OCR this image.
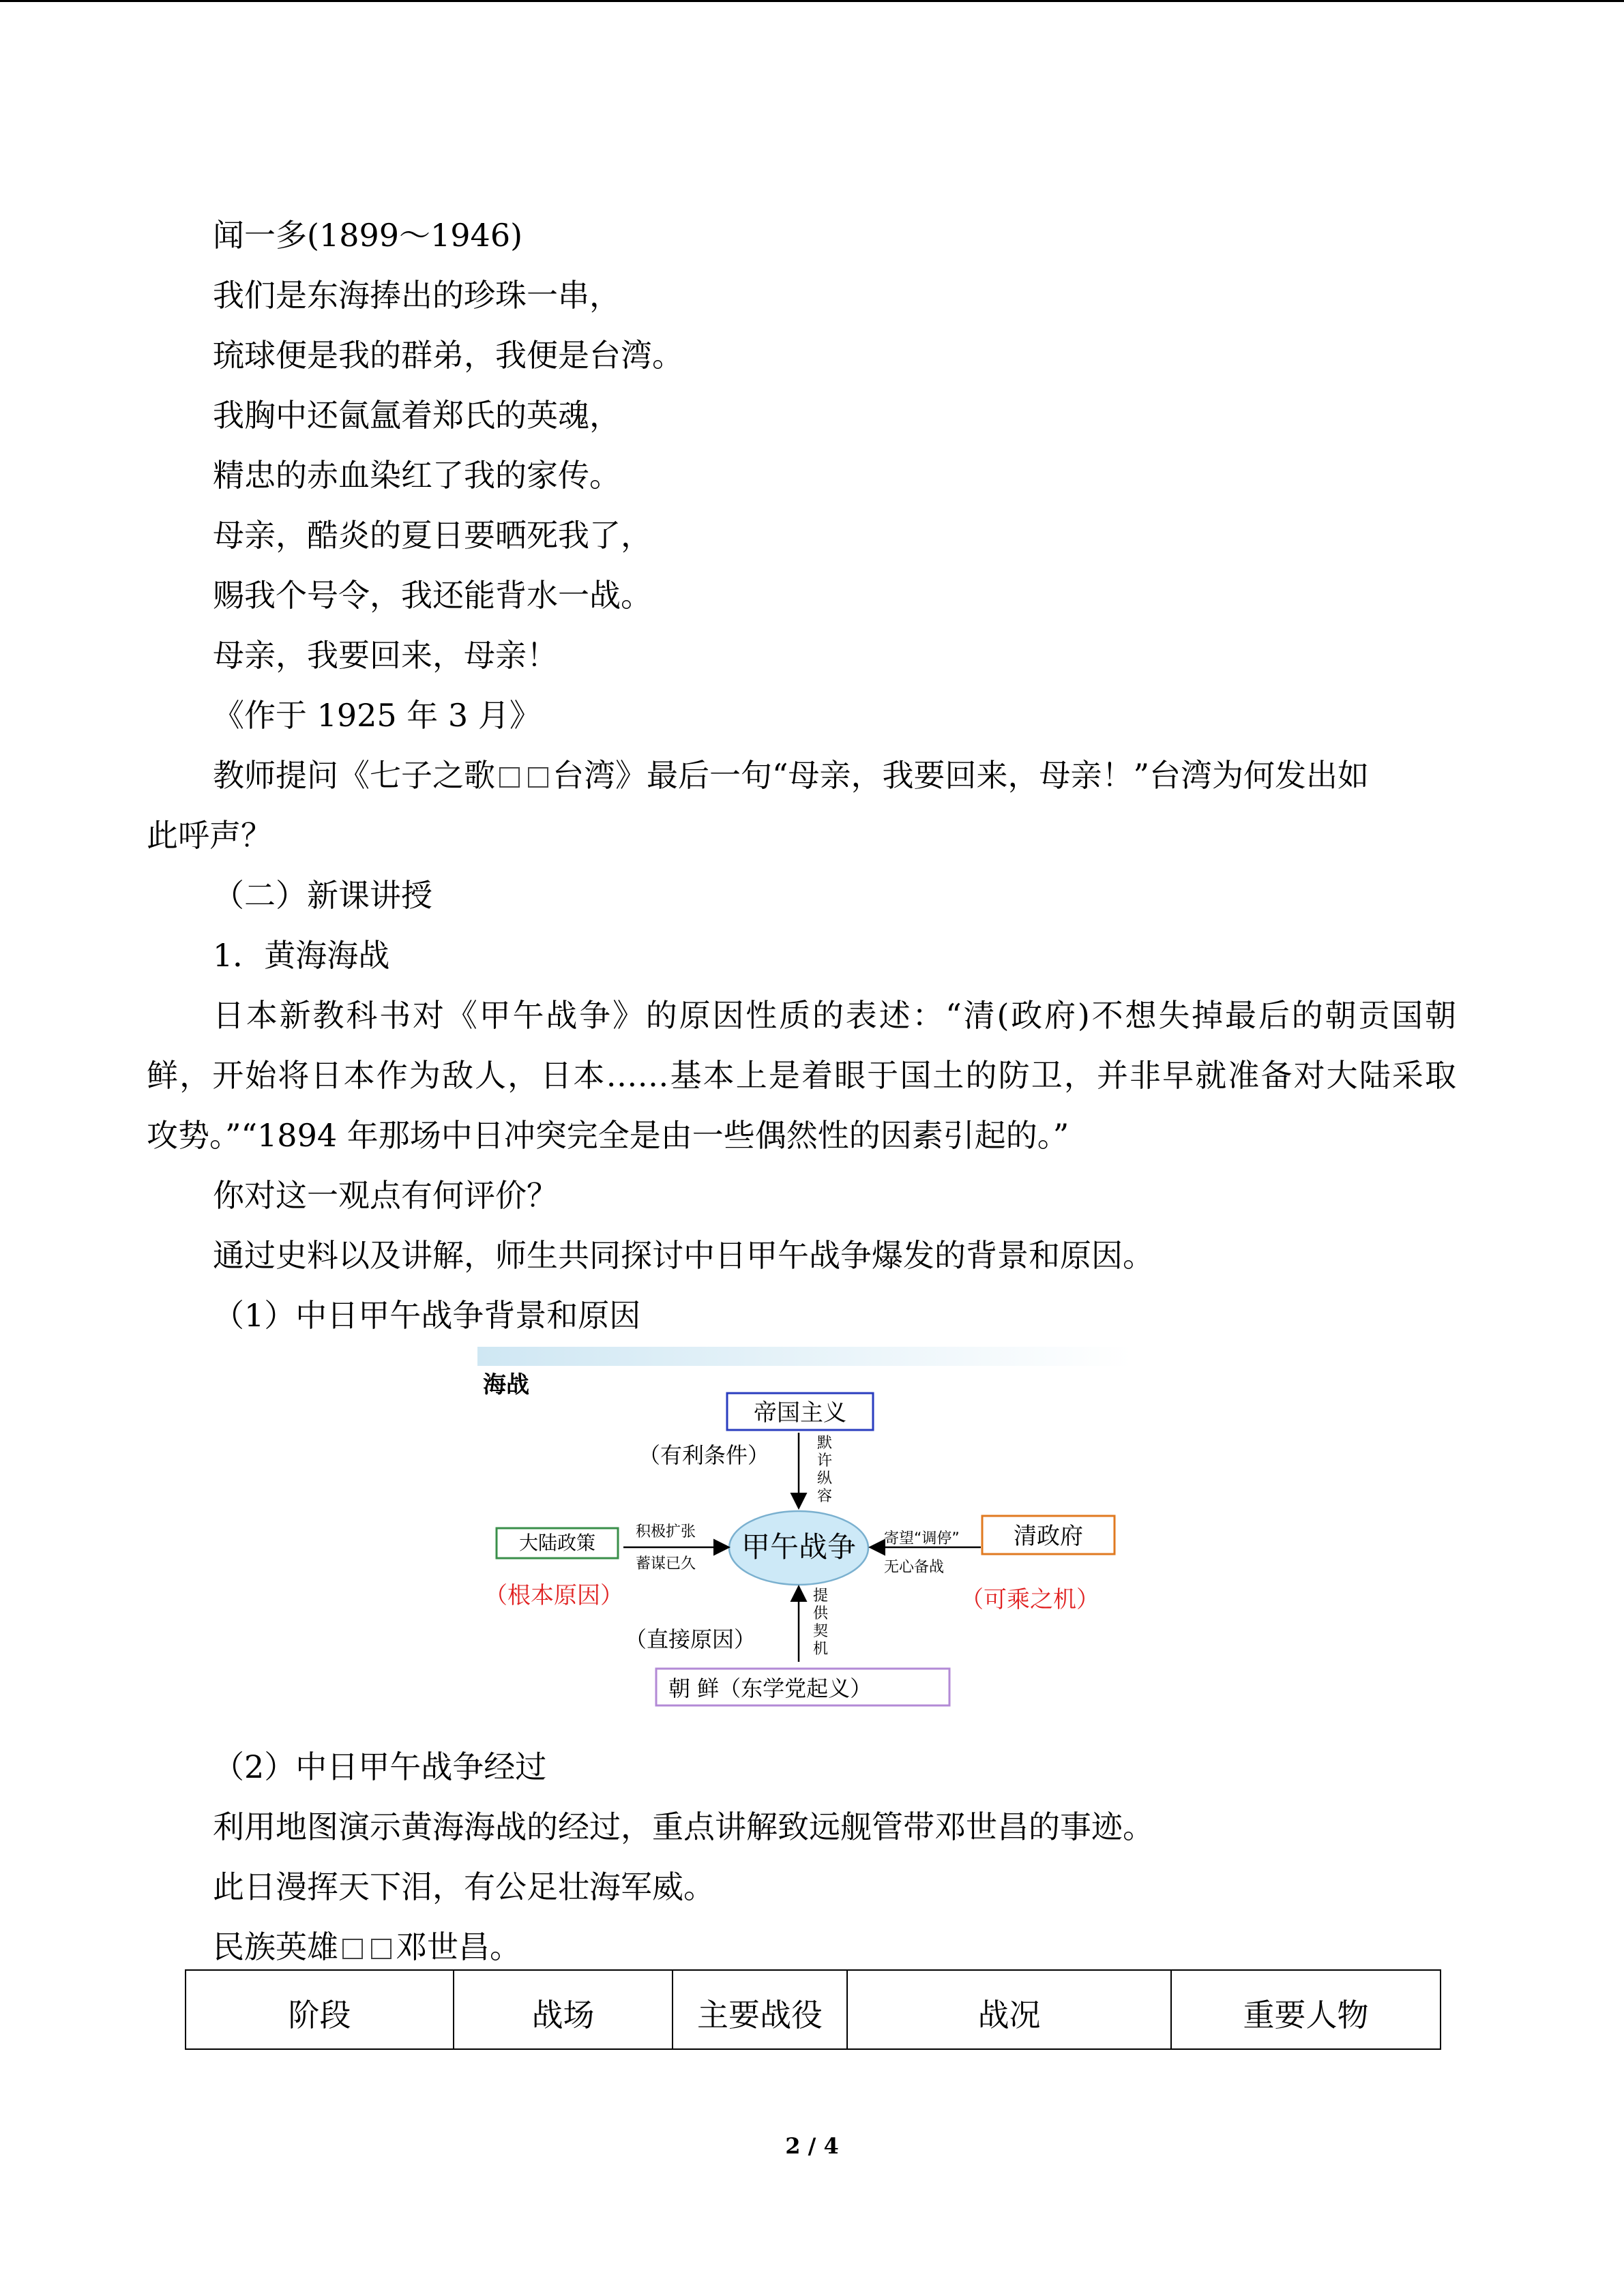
闻一多(1899～1946)
我们是东海捧出的珍珠一串，
琉球便是我的群弟，我便是台湾。
我胸中还氤氲着郑氏的英魂，
精忠的赤血染红了我的家传。
母亲，酷炎的夏日要晒死我了，
赐我个号令，我还能背水一战。
母亲，我要回来，母亲！
《作于 1925 年 3 月》
教师提问《七子之歌 台湾》最后一句“母亲，我要回来，母亲！”台湾为何发出如
此呼声？
（二）新课讲授
1．黄海海战
日本新教科书对《甲午战争》的原因性质的表述：“清(政府)不想失掉最后的朝贡国朝
鲜，开始将日本作为敌人，日本……基本上是着眼于国土的防卫，并非早就准备对大陆采取
攻势。”“1894 年那场中日冲突完全是由一些偶然性的因素引起的。”
你对这一观点有何评价？
通过史料以及讲解，师生共同探讨中日甲午战争爆发的背景和原因。
（1）中日甲午战争背景和原因
海战
帝国主义
（有利条件）	默
许
纵
容
甲午战争
大陆政策	积极扩张
蓄谋已久
（根本原因）
清政府
寄望“调停”
无心备战
（可乘之机）
提
供
契
机
（直接原因）
朝 鲜（东学党起义）
（2）中日甲午战争经过
利用地图演示黄海海战的经过，重点讲解致远舰管带邓世昌的事迹。
此日漫挥天下泪，有公足壮海军威。
民族英雄 邓世昌。
阶段	战场	主要战役	战况	重要人物
2 / 4
